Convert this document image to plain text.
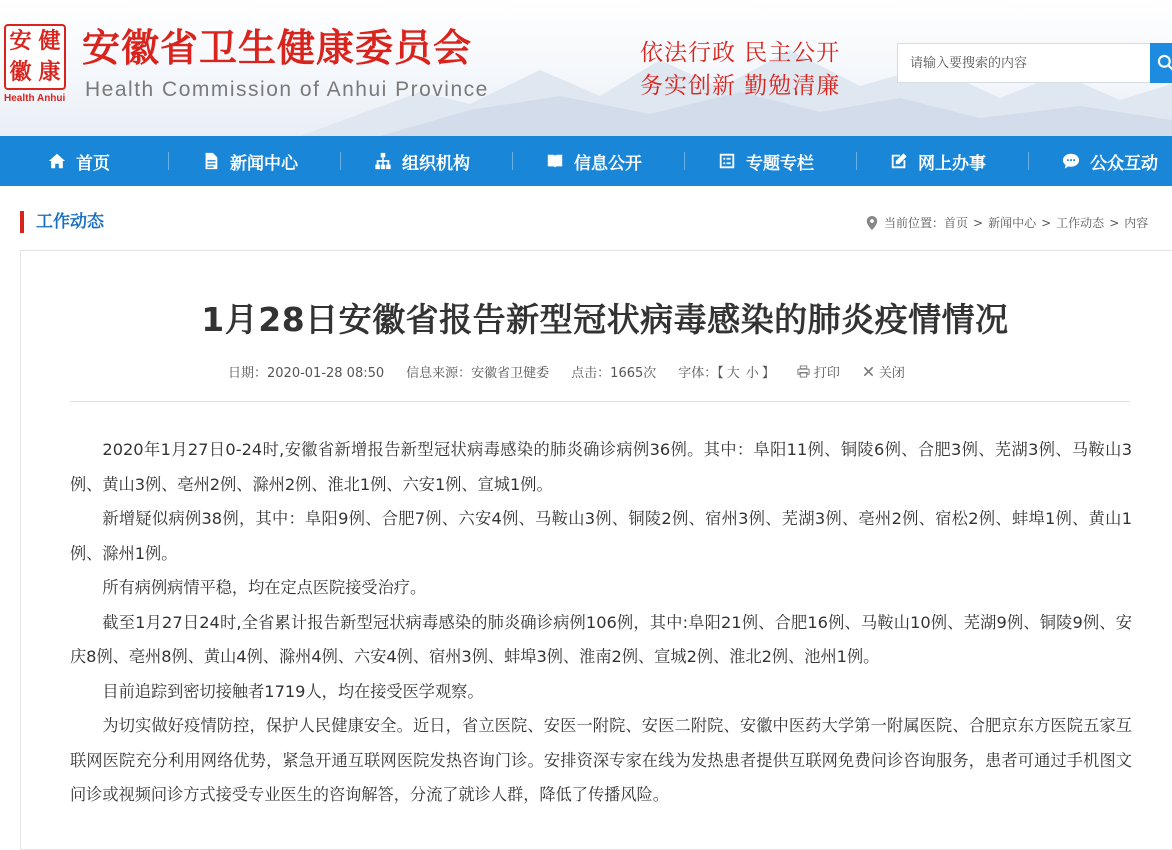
安 健
徽 康
Health Anhui
安徽省卫生健康委员会
Health Commission of Anhui Province
依法行政 民主公开
务实创新 勤勉清廉
请输入要搜索的内容
首页	新闻中心	组织机构	信息公开	专题专栏	网上办事	公众互动
工作动态	当前位置： 首页 > 新闻中心 > 工作动态 > 内容
1月28日安徽省报告新型冠状病毒感染的肺炎疫情情况
日期：2020-01-28 08:50 信息来源：安徽省卫健委 点击：1665次 字体：【 大 小 】	打印	关闭

2020年1月27日0-24时,安徽省新增报告新型冠状病毒感染的肺炎确诊病例36例。其中：阜阳11例、铜陵6例、合肥3例、芜湖3例、马鞍山3例、黄山3例、亳州2例、滁州2例、淮北1例、六安1例、宣城1例。

新增疑似病例38例，其中：阜阳9例、合肥7例、六安4例、马鞍山3例、铜陵2例、宿州3例、芜湖3例、亳州2例、宿松2例、蚌埠1例、黄山1例、滁州1例。

所有病例病情平稳，均在定点医院接受治疗。

截至1月27日24时,全省累计报告新型冠状病毒感染的肺炎确诊病例106例，其中:阜阳21例、合肥16例、马鞍山10例、芜湖9例、铜陵9例、安庆8例、亳州8例、黄山4例、滁州4例、六安4例、宿州3例、蚌埠3例、淮南2例、宣城2例、淮北2例、池州1例。

目前追踪到密切接触者1719人，均在接受医学观察。

为切实做好疫情防控，保护人民健康安全。近日，省立医院、安医一附院、安医二附院、安徽中医药大学第一附属医院、合肥京东方医院五家互联网医院充分利用网络优势，紧急开通互联网医院发热咨询门诊。安排资深专家在线为发热患者提供互联网免费问诊咨询服务，患者可通过手机图文问诊或视频问诊方式接受专业医生的咨询解答，分流了就诊人群，降低了传播风险。
